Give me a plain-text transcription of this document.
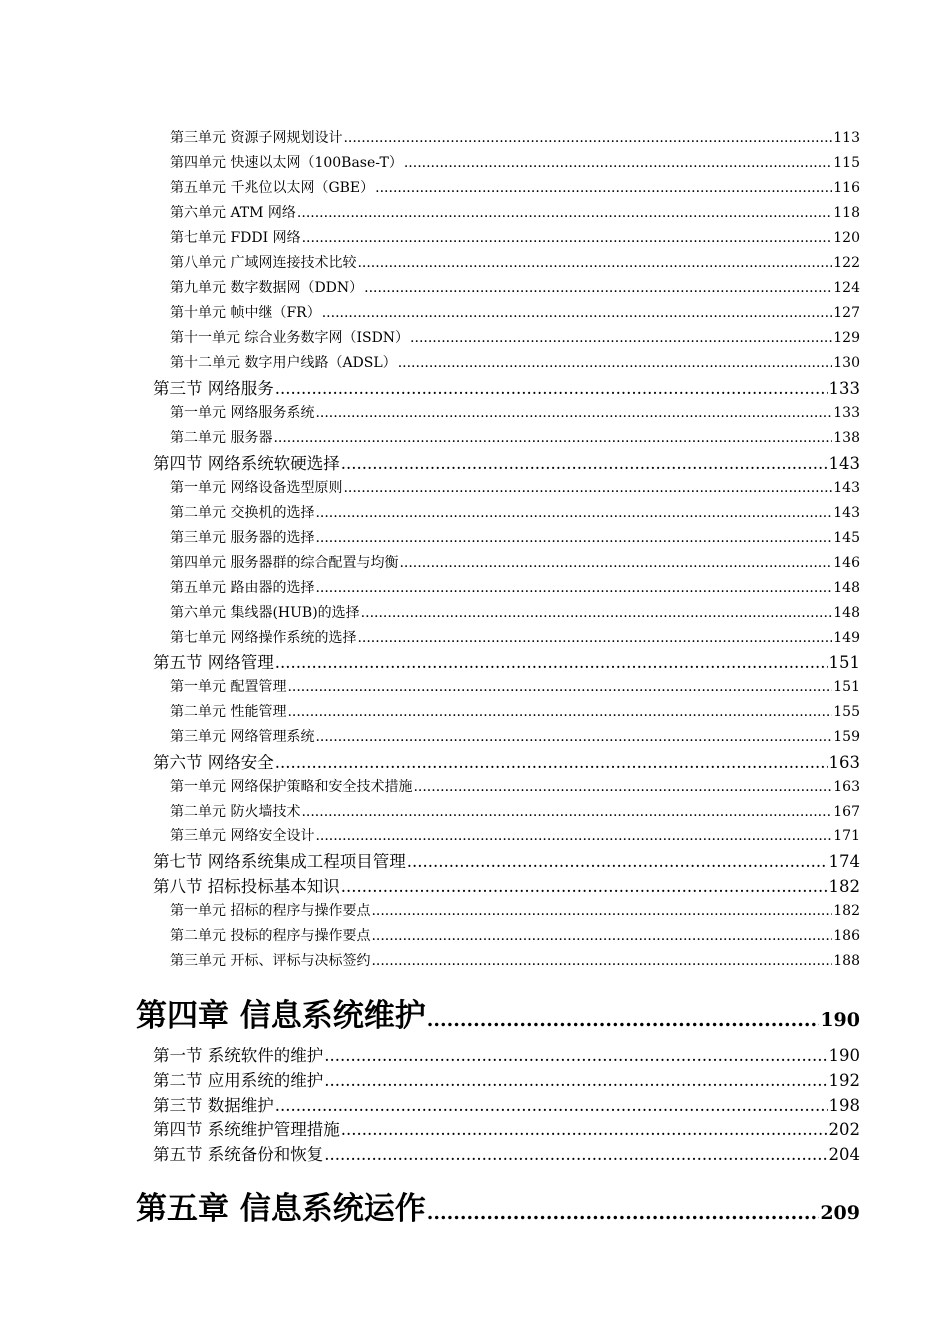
第三单元 资源子网规划设计 .....	113
第四单元 快速以太网（100Base-T） .....	115
第五单元 千兆位以太网（GBE） .....	116
第六单元 ATM 网络 .....	118
第七单元 FDDI 网络 .....	120
第八单元 广域网连接技术比较 .....	122
第九单元 数字数据网（DDN） .....	124
第十单元 帧中继（FR） .....	127
第十一单元 综合业务数字网（ISDN） .....	129
第十二单元 数字用户线路（ADSL） .....	130
第三节 网络服务 .....	133
第一单元 网络服务系统 .....	133
第二单元 服务器 .....	138
第四节 网络系统软硬选择 .....	143
第一单元 网络设备选型原则 .....	143
第二单元 交换机的选择 .....	143
第三单元 服务器的选择 .....	145
第四单元 服务器群的综合配置与均衡 .....	146
第五单元 路由器的选择 .....	148
第六单元 集线器(HUB)的选择 .....	148
第七单元 网络操作系统的选择 .....	149
第五节 网络管理 .....	151
第一单元 配置管理 .....	151
第二单元 性能管理 .....	155
第三单元 网络管理系统 .....	159
第六节 网络安全 .....	163
第一单元 网络保护策略和安全技术措施 .....	163
第二单元 防火墙技术 .....	167
第三单元 网络安全设计 .....	171
第七节 网络系统集成工程项目管理 .....	174
第八节 招标投标基本知识 .....	182
第一单元 招标的程序与操作要点 .....	182
第二单元 投标的程序与操作要点 .....	186
第三单元 开标、评标与决标签约 .....	188
第四章 信息系统维护 .....	190
第一节 系统软件的维护 .....	190
第二节 应用系统的维护 .....	192
第三节 数据维护 .....	198
第四节 系统维护管理措施 .....	202
第五节 系统备份和恢复 .....	204
第五章 信息系统运作 .....	209
